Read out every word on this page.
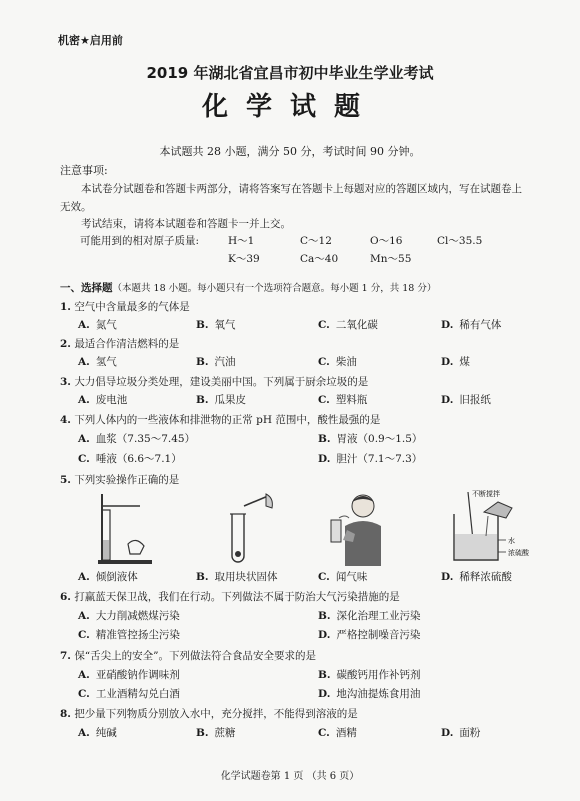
机密★启用前
2019 年湖北省宜昌市初中毕业生学业考试
化学试题
本试题共 28 小题，满分 50 分，考试时间 90 分钟。
注意事项:
本试卷分试题卷和答题卡两部分，请将答案写在答题卡上每题对应的答题区域内，写在试题卷上无效。
考试结束，请将本试题卷和答题卡一并上交。
可能用到的相对原子质量:	H～1	C～12	O～16	Cl～35.5
K～39	Ca～40	Mn～55
一、选择题（本题共 18 小题。每小题只有一个选项符合题意。每小题 1 分，共 18 分）
1. 空气中含量最多的气体是
A. 氮气	B. 氧气	C. 二氧化碳	D. 稀有气体
2. 最适合作清洁燃料的是
A. 氢气	B. 汽油	C. 柴油	D. 煤
3. 大力倡导垃圾分类处理，建设美丽中国。下列属于厨余垃圾的是
A. 废电池	B. 瓜果皮	C. 塑料瓶	D. 旧报纸
4. 下列人体内的一些液体和排泄物的正常 pH 范围中，酸性最强的是
A. 血浆（7.35～7.45）	B. 胃液（0.9～1.5）
C. 唾液（6.6～7.1）	D. 胆汁（7.1～7.3）
5. 下列实验操作正确的是
不断搅拌
水
浓硫酸
A. 倾倒液体	B. 取用块状固体	C. 闻气味	D. 稀释浓硫酸
6. 打赢蓝天保卫战，我们在行动。下列做法不属于防治大气污染措施的是
A. 大力削减燃煤污染	B. 深化治理工业污染
C. 精准管控扬尘污染	D. 严格控制噪音污染
7. 保“舌尖上的安全”。下列做法符合食品安全要求的是
A. 亚硝酸钠作调味剂	B. 碳酸钙用作补钙剂
C. 工业酒精勾兑白酒	D. 地沟油提炼食用油
8. 把少量下列物质分别放入水中，充分搅拌，不能得到溶液的是
A. 纯碱	B. 蔗糖	C. 酒精	D. 面粉
化学试题卷第 1 页 （共 6 页）
